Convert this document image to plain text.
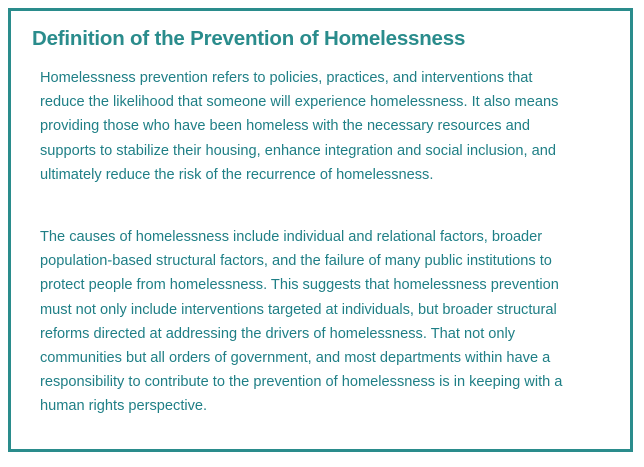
Definition of the Prevention of Homelessness

Homelessness prevention refers to policies, practices, and interventions that
reduce the likelihood that someone will experience homelessness. It also means
providing those who have been homeless with the necessary resources and
supports to stabilize their housing, enhance integration and social inclusion, and
ultimately reduce the risk of the recurrence of homelessness.

The causes of homelessness include individual and relational factors, broader
population-based structural factors, and the failure of many public institutions to
protect people from homelessness. This suggests that homelessness prevention
must not only include interventions targeted at individuals, but broader structural
reforms directed at addressing the drivers of homelessness. That not only
communities but all orders of government, and most departments within have a
responsibility to contribute to the prevention of homelessness is in keeping with a
human rights perspective.
